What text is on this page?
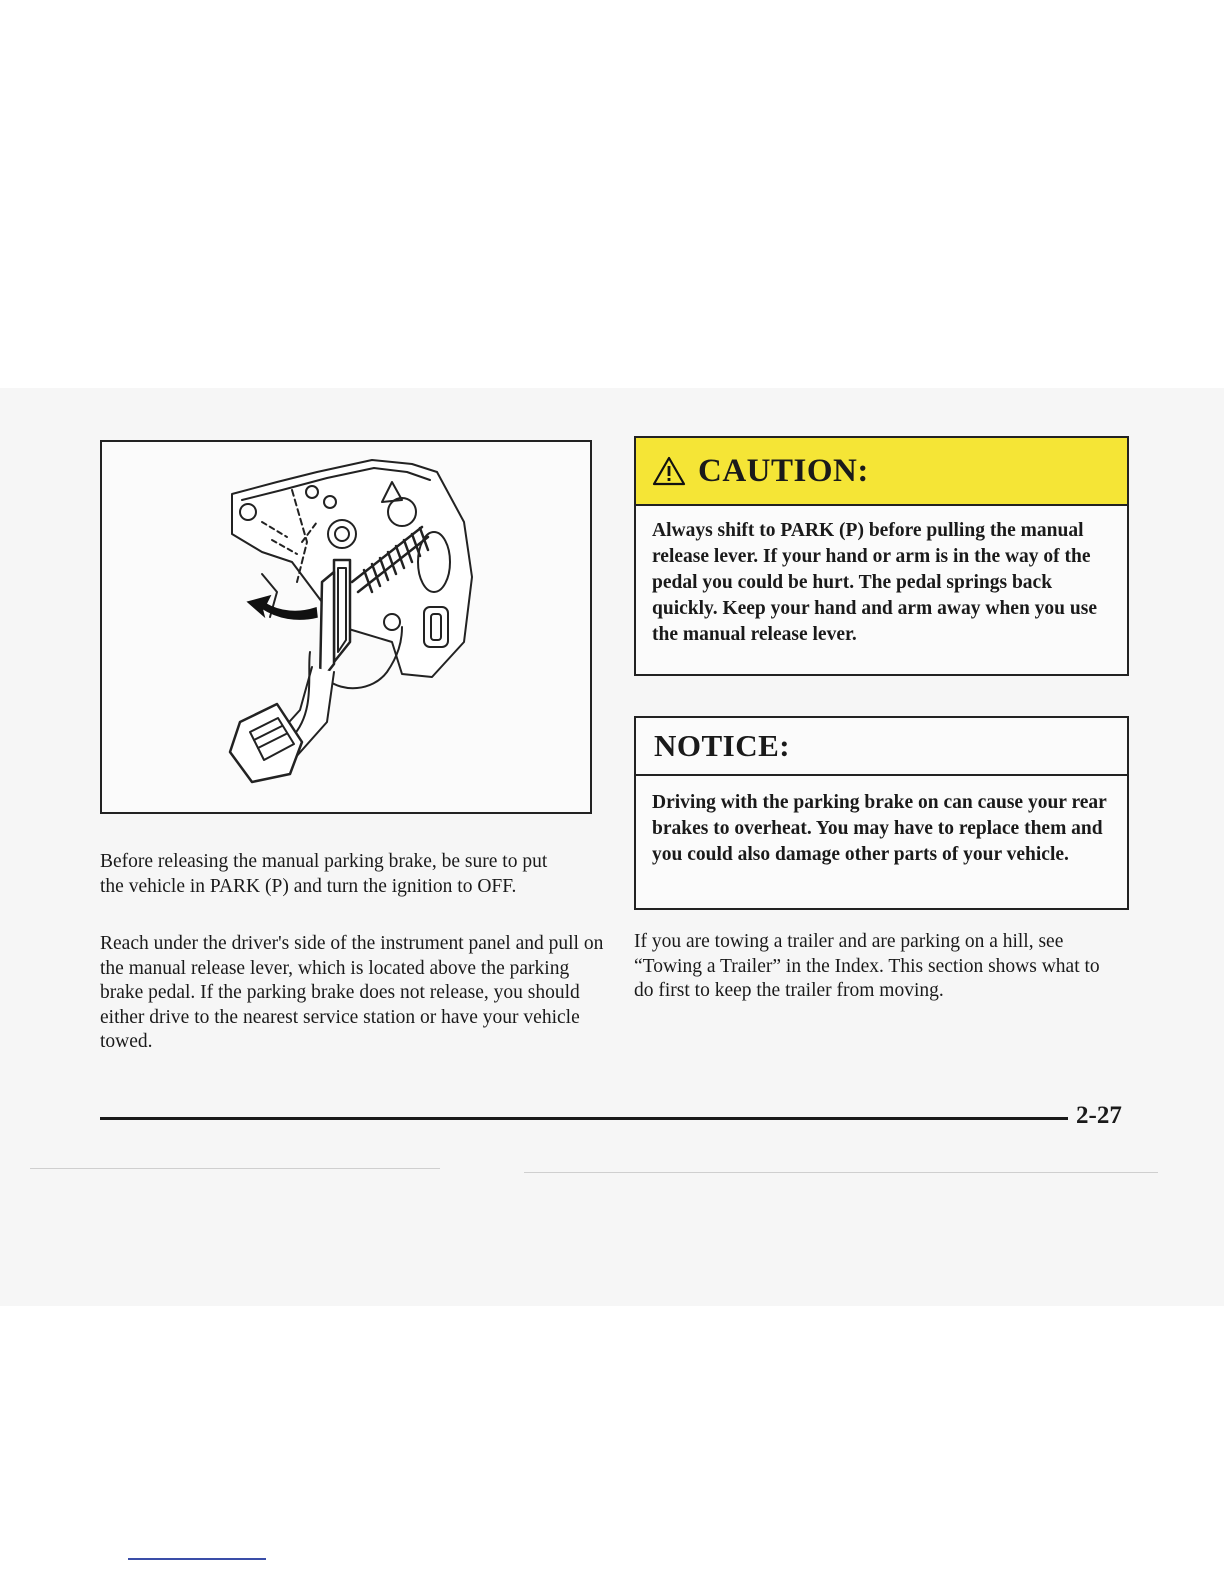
Before releasing the manual parking brake, be sure to put the vehicle in PARK (P) and turn the ignition to OFF.

Reach under the driver's side of the instrument panel and pull on the manual release lever, which is located above the parking brake pedal. If the parking brake does not release, you should either drive to the nearest service station or have your vehicle towed.

CAUTION:
Always shift to PARK (P) before pulling the manual release lever. If your hand or arm is in the way of the pedal you could be hurt. The pedal springs back quickly. Keep your hand and arm away when you use the manual release lever.
NOTICE:
Driving with the parking brake on can cause your rear brakes to overheat. You may have to replace them and you could also damage other parts of your vehicle.

If you are towing a trailer and are parking on a hill, see “Towing a Trailer” in the Index. This section shows what to do first to keep the trailer from moving.

2-27
